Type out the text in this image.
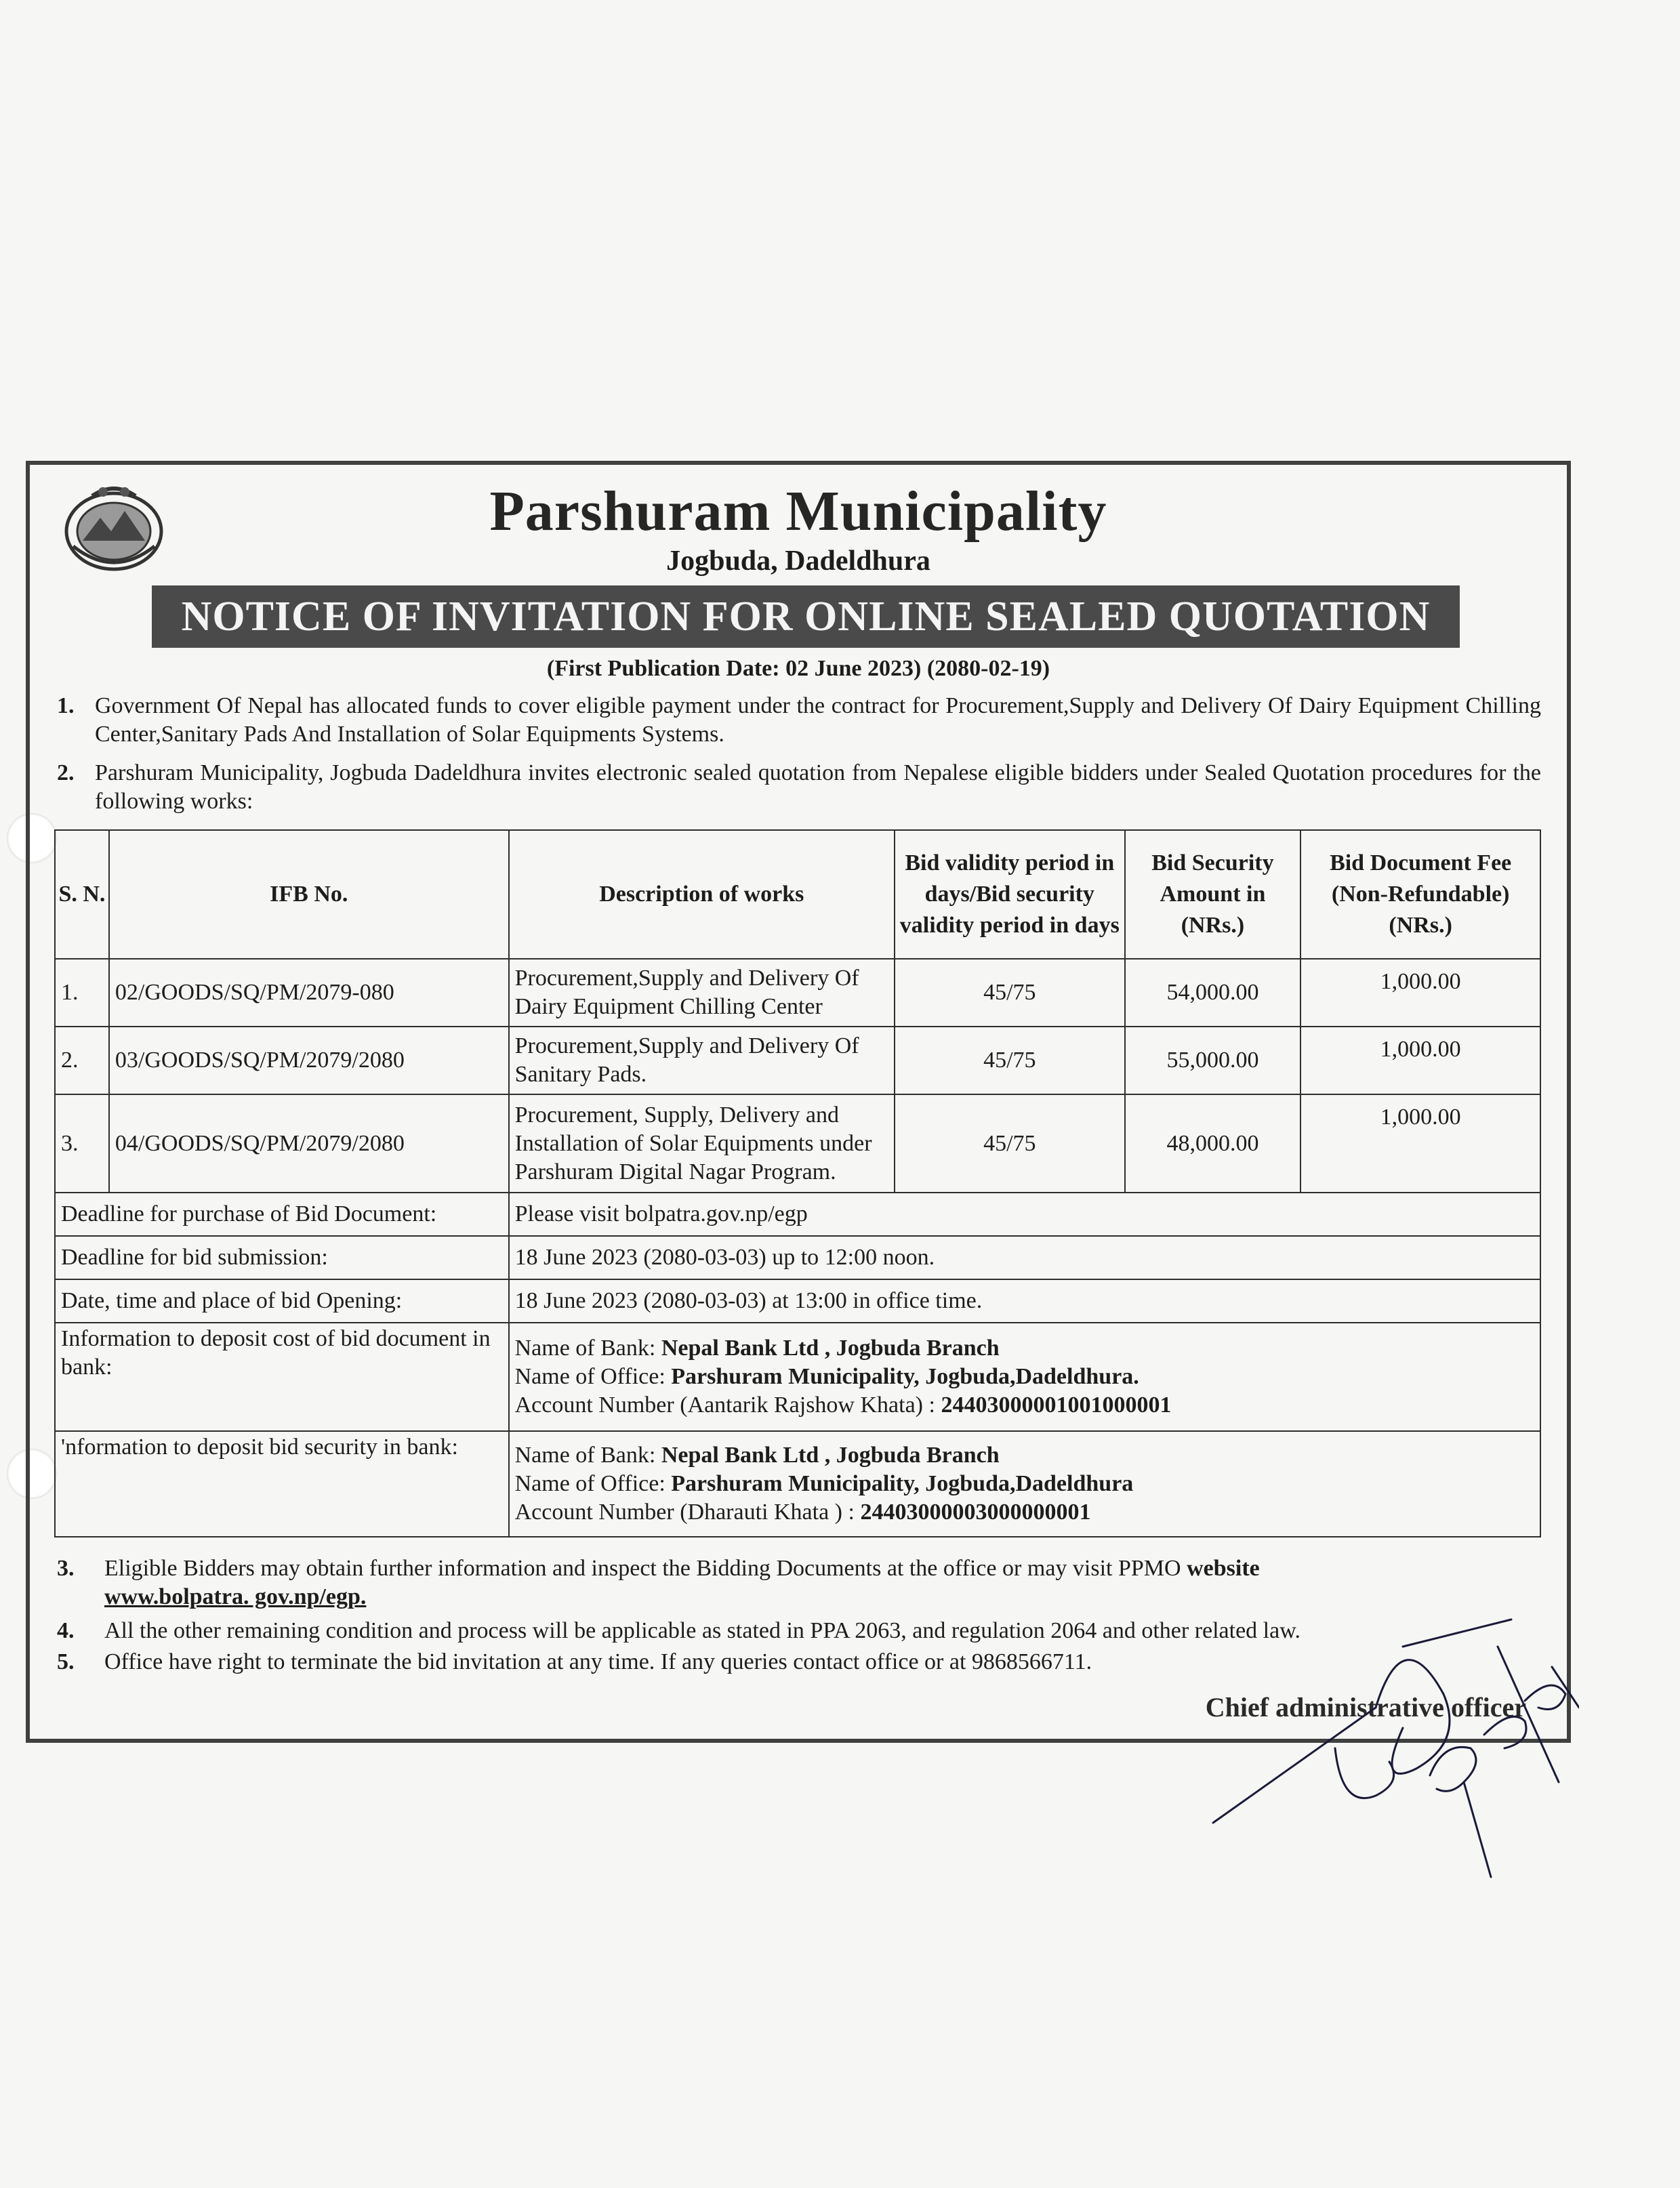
Parshuram Municipality
Jogbuda, Dadeldhura
NOTICE OF INVITATION FOR ONLINE SEALED QUOTATION
(First Publication Date: 02 June 2023) (2080-02-19)
1. Government Of Nepal has allocated funds to cover eligible payment under the contract for Procurement,Supply and Delivery Of Dairy Equipment Chilling Center,Sanitary Pads And Installation of Solar Equipments Systems.
2. Parshuram Municipality, Jogbuda Dadeldhura invites electronic sealed quotation from Nepalese eligible bidders under Sealed Quotation procedures for the following works:
S. N.	IFB No.	Description of works	Bid validity period in days/Bid security validity period in days	Bid Security Amount in (NRs.)	Bid Document Fee (Non-Refundable) (NRs.)
1.	02/GOODS/SQ/PM/2079-080	Procurement,Supply and Delivery Of Dairy Equipment Chilling Center	45/75	54,000.00	1,000.00
2.	03/GOODS/SQ/PM/2079/2080	Procurement,Supply and Delivery Of Sanitary Pads.	45/75	55,000.00	1,000.00
3.	04/GOODS/SQ/PM/2079/2080	Procurement, Supply, Delivery and Installation of Solar Equipments under Parshuram Digital Nagar Program.	45/75	48,000.00	1,000.00
Deadline for purchase of Bid Document:		Please visit bolpatra.gov.np/egp			
Deadline for bid submission:		18 June 2023 (2080-03-03) up to 12:00 noon.			
Date, time and place of bid Opening:		18 June 2023 (2080-03-03) at 13:00 in office time.			
Information to deposit cost of bid document in bank:		Name of Bank: Nepal Bank Ltd , Jogbuda Branch
Name of Office: Parshuram Municipality, Jogbuda,Dadeldhura.
Account Number (Aantarik Rajshow Khata) : 24403000001001000001			

'nformation to deposit bid security in bank:		Name of Bank: Nepal Bank Ltd , Jogbuda Branch
Name of Office: Parshuram Municipality, Jogbuda,Dadeldhura
Account Number (Dharauti Khata ) : 24403000003000000001			
3. Eligible Bidders may obtain further information and inspect the Bidding Documents at the office or may visit PPMO website
www.bolpatra. gov.np/egp.
4. All the other remaining condition and process will be applicable as stated in PPA 2063, and regulation 2064 and other related law.
5. Office have right to terminate the bid invitation at any time. If any queries contact office or at 9868566711.
Chief administrative officer
